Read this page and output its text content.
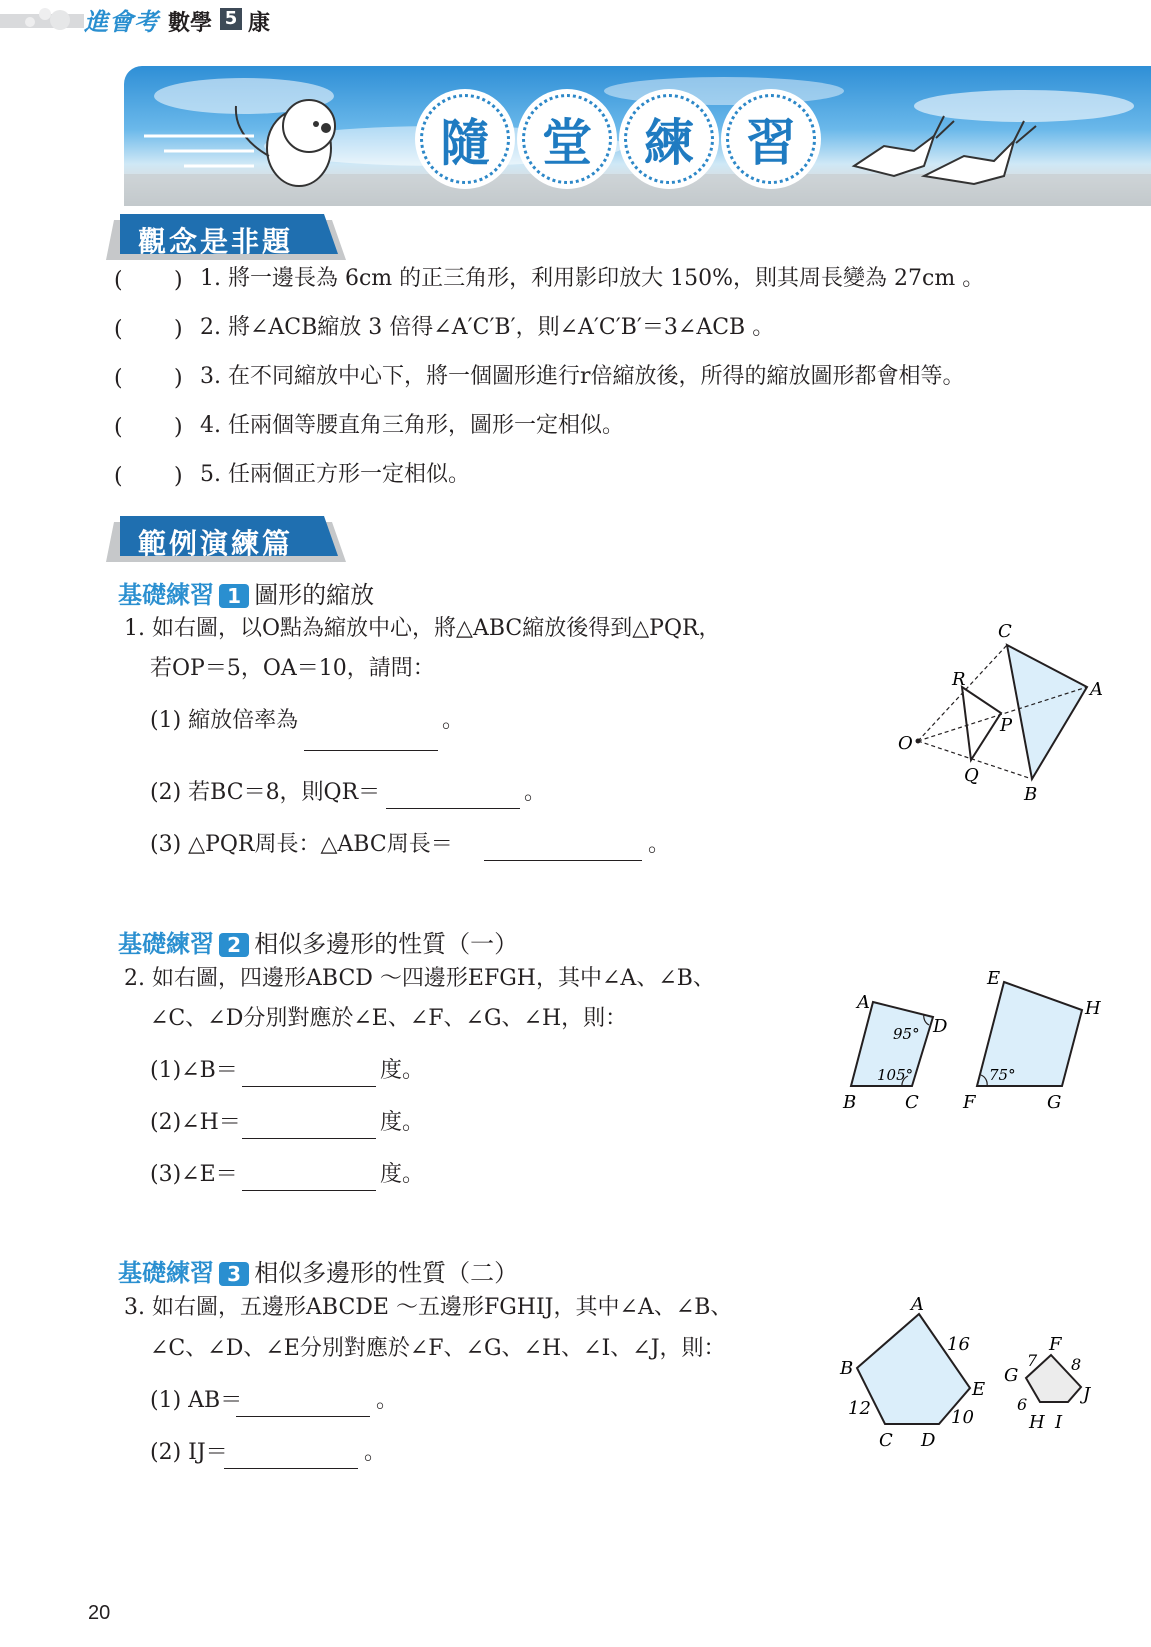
進會考 數學 5 康
隨	堂	練	習
觀念是非題
( ) 1. 將一邊長為 6cm 的正三角形，利用影印放大 150%，則其周長變為 27cm 。
( ) 2. 將∠ACB縮放 3 倍得∠A′C′B′，則∠A′C′B′＝3∠ACB 。
( ) 3. 在不同縮放中心下，將一個圖形進行r倍縮放後，所得的縮放圖形都會相等。
( ) 4. 任兩個等腰直角三角形，圖形一定相似。
( ) 5. 任兩個正方形一定相似。
範例演練篇
基礎練習 1 圖形的縮放
1. 如右圖，以O點為縮放中心，將△ABC縮放後得到△PQR，
若OP＝5，OA＝10，請問：
(1) 縮放倍率為	。
(2) 若BC＝8，則QR＝	。
(3) △PQR周長：△ABC周長＝	。
O
C
A
B
R
P
Q
基礎練習 2 相似多邊形的性質（一）
2. 如右圖，四邊形ABCD ～四邊形EFGH，其中∠A、∠B、
∠C、∠D分別對應於∠E、∠F、∠G、∠H，則：
(1)∠B＝	度。
(2)∠H＝	度。
(3)∠E＝	度。
95°
105°	75°
A
B	C
D
E
F	G
H
基礎練習 3 相似多邊形的性質（二）
3. 如右圖，五邊形ABCDE ～五邊形FGHIJ，其中∠A、∠B、
∠C、∠D、∠E分別對應於∠F、∠G、∠H、∠I、∠J，則：
(1) AB＝	。
(2) IJ＝	。
A
B
C D
E
16
12	10
F
G
H I
J
7 8
6
20
